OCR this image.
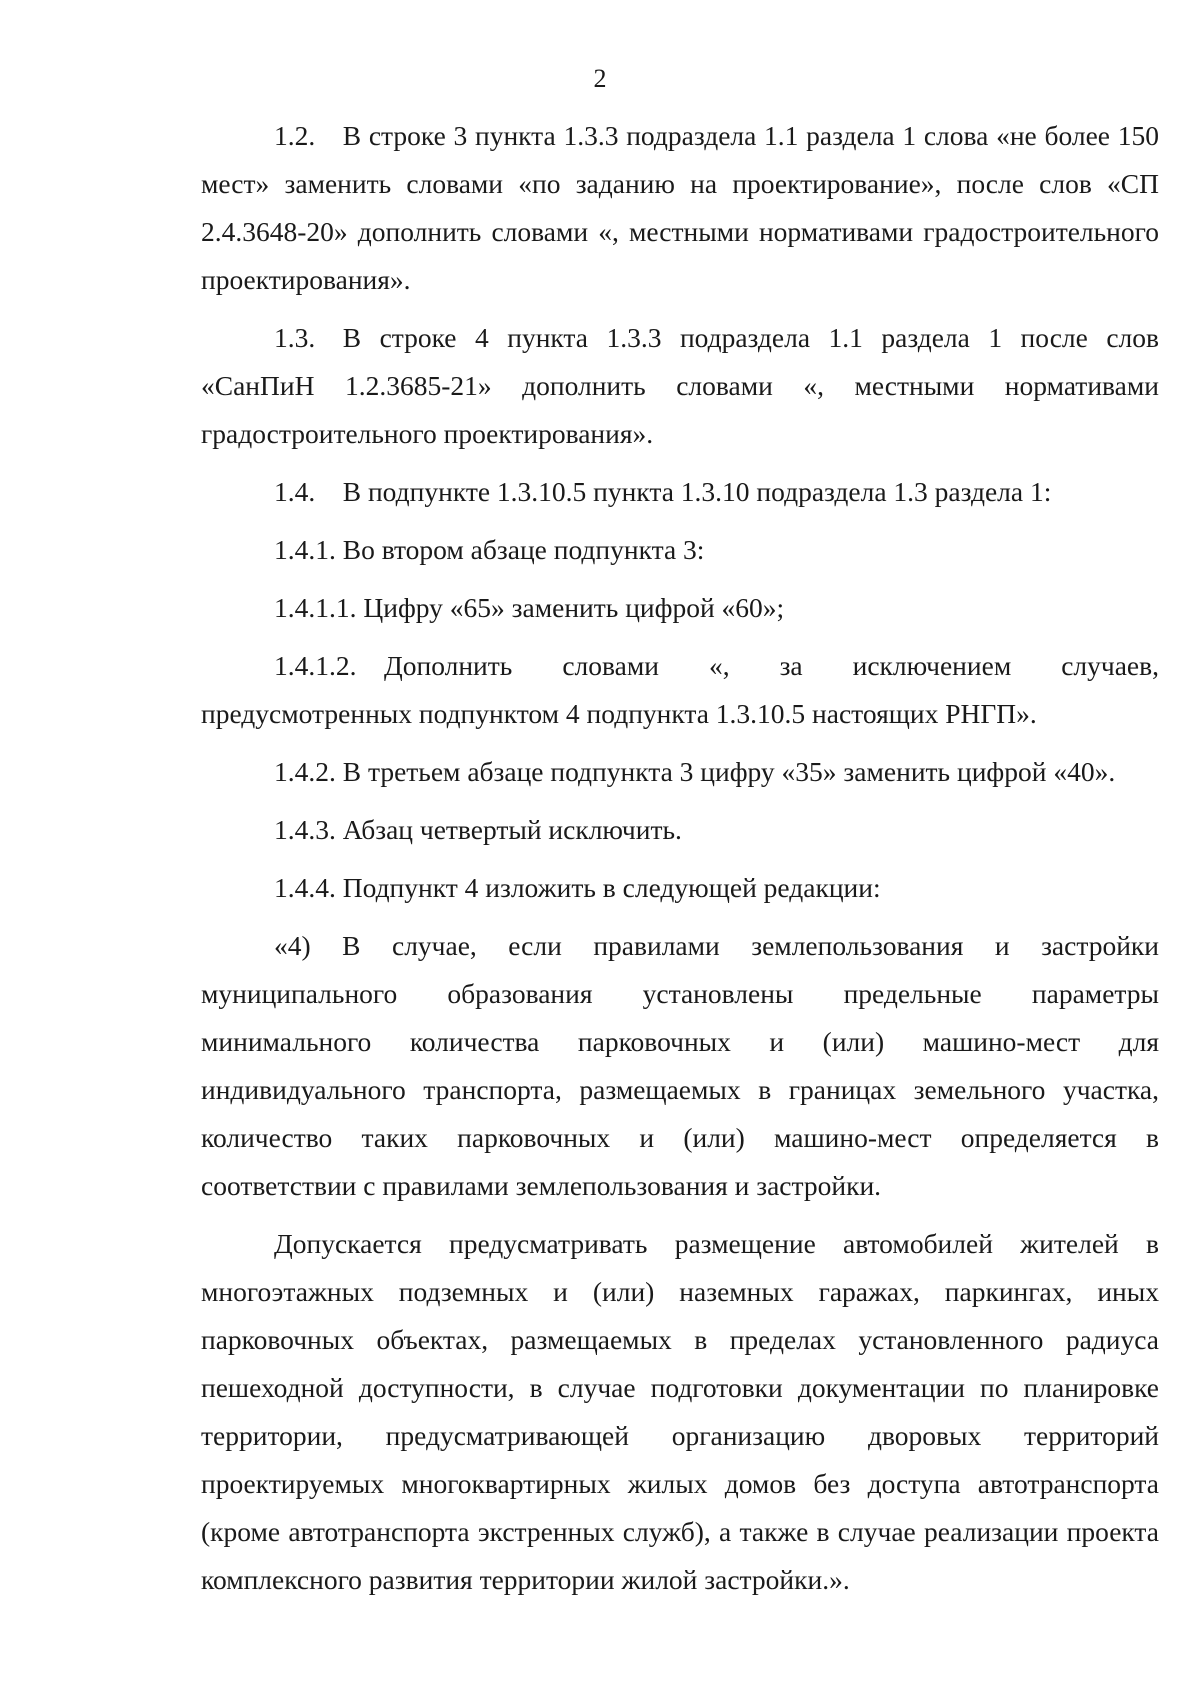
2

1.2. В строке 3 пункта 1.3.3 подраздела 1.1 раздела 1 слова «не более 150 мест» заменить словами «по заданию на проектирование», после слов «СП 2.4.3648-20» дополнить словами «, местными нормативами градостроительного проектирования».

1.3. В строке 4 пункта 1.3.3 подраздела 1.1 раздела 1 после слов «СанПиН 1.2.3685-21» дополнить словами «, местными нормативами градостроительного проектирования».

1.4. В подпункте 1.3.10.5 пункта 1.3.10 подраздела 1.3 раздела 1:

1.4.1. Во втором абзаце подпункта 3:

1.4.1.1. Цифру «65» заменить цифрой «60»;

1.4.1.2. Дополнить словами «, за исключением случаев, предусмотренных подпунктом 4 подпункта 1.3.10.5 настоящих РНГП».

1.4.2. В третьем абзаце подпункта 3 цифру «35» заменить цифрой «40».

1.4.3. Абзац четвертый исключить.

1.4.4. Подпункт 4 изложить в следующей редакции:

«4) В случае, если правилами землепользования и застройки муниципального образования установлены предельные параметры минимального количества парковочных и (или) машино-мест для индивидуального транспорта, размещаемых в границах земельного участка, количество таких парковочных и (или) машино-мест определяется в соответствии с правилами землепользования и застройки.

Допускается предусматривать размещение автомобилей жителей в многоэтажных подземных и (или) наземных гаражах, паркингах, иных парковочных объектах, размещаемых в пределах установленного радиуса пешеходной доступности, в случае подготовки документации по планировке территории, предусматривающей организацию дворовых территорий проектируемых многоквартирных жилых домов без доступа автотранспорта (кроме автотранспорта экстренных служб), а также в случае реализации проекта комплексного развития территории жилой застройки.».
